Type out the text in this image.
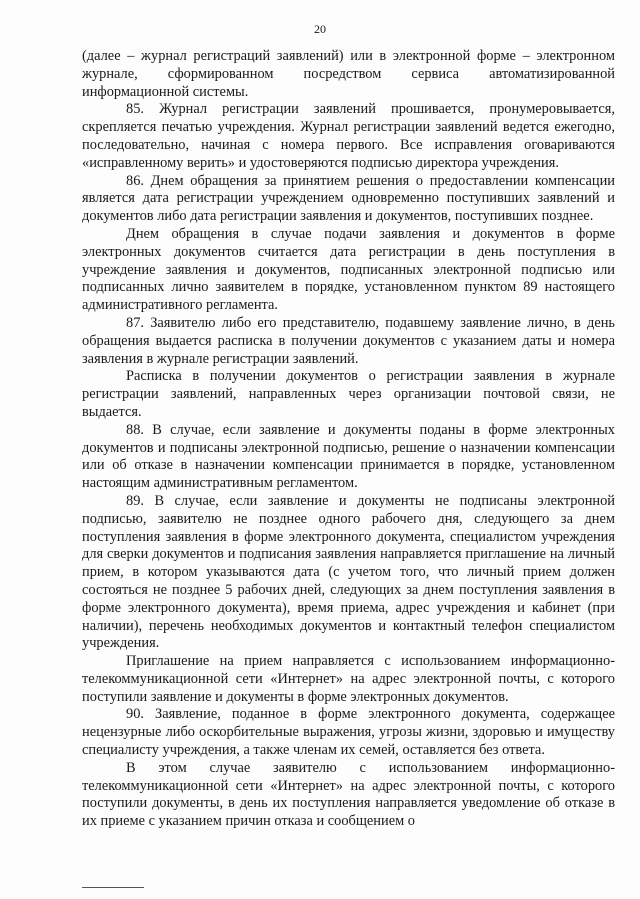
20

(далее – журнал регистраций заявлений) или в электронной форме – электронном журнале, сформированном посредством сервиса автоматизированной информационной системы.

85. Журнал регистрации заявлений прошивается, пронумеровывается, скрепляется печатью учреждения. Журнал регистрации заявлений ведется ежегодно, последовательно, начиная с номера первого. Все исправления оговариваются «исправленному верить» и удостоверяются подписью директора учреждения.

86. Днем обращения за принятием решения о предоставлении компенсации является дата регистрации учреждением одновременно поступивших заявлений и документов либо дата регистрации заявления и документов, поступивших позднее.

Днем обращения в случае подачи заявления и документов в форме электронных документов считается дата регистрации в день поступления в учреждение заявления и документов, подписанных электронной подписью или подписанных лично заявителем в порядке, установленном пунктом 89 настоящего административного регламента.

87. Заявителю либо его представителю, подавшему заявление лично, в день обращения выдается расписка в получении документов с указанием даты и номера заявления в журнале регистрации заявлений.

Расписка в получении документов о регистрации заявления в журнале регистрации заявлений, направленных через организации почтовой связи, не выдается.

88. В случае, если заявление и документы поданы в форме электронных документов и подписаны электронной подписью, решение о назначении компенсации или об отказе в назначении компенсации принимается в порядке, установленном настоящим административным регламентом.

89. В случае, если заявление и документы не подписаны электронной подписью, заявителю не позднее одного рабочего дня, следующего за днем поступления заявления в форме электронного документа, специалистом учреждения для сверки документов и подписания заявления направляется приглашение на личный прием, в котором указываются дата (с учетом того, что личный прием должен состояться не позднее 5 рабочих дней, следующих за днем поступления заявления в форме электронного документа), время приема, адрес учреждения и кабинет (при наличии), перечень необходимых документов и контактный телефон специалистом учреждения.

Приглашение на прием направляется с использованием информационно-телекоммуникационной сети «Интернет» на адрес электронной почты, с которого поступили заявление и документы в форме электронных документов.

90. Заявление, поданное в форме электронного документа, содержащее нецензурные либо оскорбительные выражения, угрозы жизни, здоровью и имуществу специалисту учреждения, а также членам их семей, оставляется без ответа.

В этом случае заявителю с использованием информационно-телекоммуникационной сети «Интернет» на адрес электронной почты, с которого поступили документы, в день их поступления направляется уведомление об отказе в их приеме с указанием причин отказа и сообщением о
